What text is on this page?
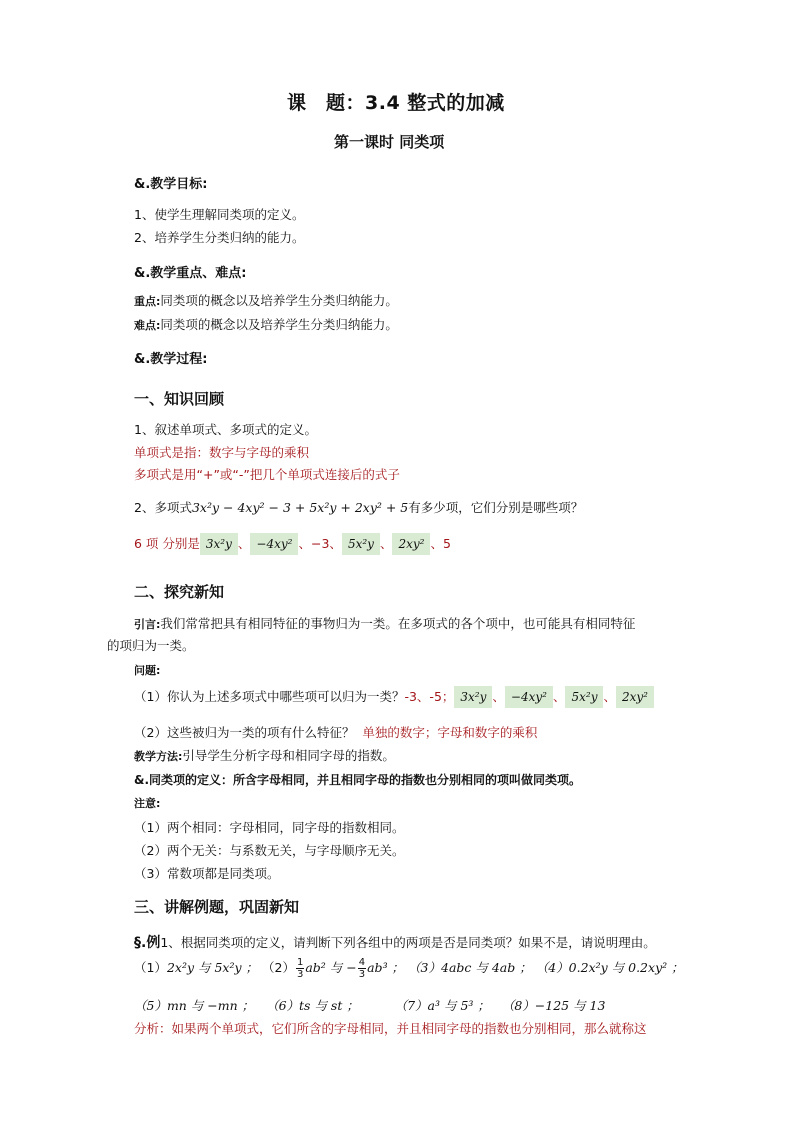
课　题：3.4 整式的加减
第一课时 同类项
&.教学目标:
1、使学生理解同类项的定义。
2、培养学生分类归纳的能力。
&.教学重点、难点:
重点:同类项的概念以及培养学生分类归纳能力。
难点:同类项的概念以及培养学生分类归纳能力。
&.教学过程:
一、知识回顾
1、叙述单项式、多项式的定义。
单项式是指：数字与字母的乘积
多项式是用“+”或“-”把几个单项式连接后的式子
2、多项式3x²y − 4xy² − 3 + 5x²y + 2xy² + 5有多少项，它们分别是哪些项？
6 项 分别是 3x²y 、 −4xy² 、−3、 5x²y 、 2xy² 、5
二、探究新知
引言:我们常常把具有相同特征的事物归为一类。在多项式的各个项中，也可能具有相同特征
的项归为一类。
问题:
（1）你认为上述多项式中哪些项可以归为一类？-3、-5； 3x²y 、 −4xy² 、 5x²y 、 2xy²
（2）这些被归为一类的项有什么特征？ 单独的数字；字母和数字的乘积
教学方法:引导学生分析字母和相同字母的指数。
&.同类项的定义：所含字母相同，并且相同字母的指数也分别相同的项叫做同类项。
注意:
（1）两个相同：字母相同，同字母的指数相同。
（2）两个无关：与系数无关，与字母顺序无关。
（3）常数项都是同类项。
三、讲解例题，巩固新知
§.例1、根据同类项的定义，请判断下列各组中的两项是否是同类项？如果不是，请说明理由。
（1）2x²y 与 5x²y ； $(2) \frac{1}{3} ab^2$ 与 − $\frac{4}{3} ab^3$ ； （3）4abc 与 4ab ； （4）0.2x²y 与 0.2xy² ；
（5）mn 与 −mn ； （6）ts 与 st ；	（7）a³ 与 5³ ； （8）−125 与 13
分析：如果两个单项式，它们所含的字母相同，并且相同字母的指数也分别相同，那么就称这
